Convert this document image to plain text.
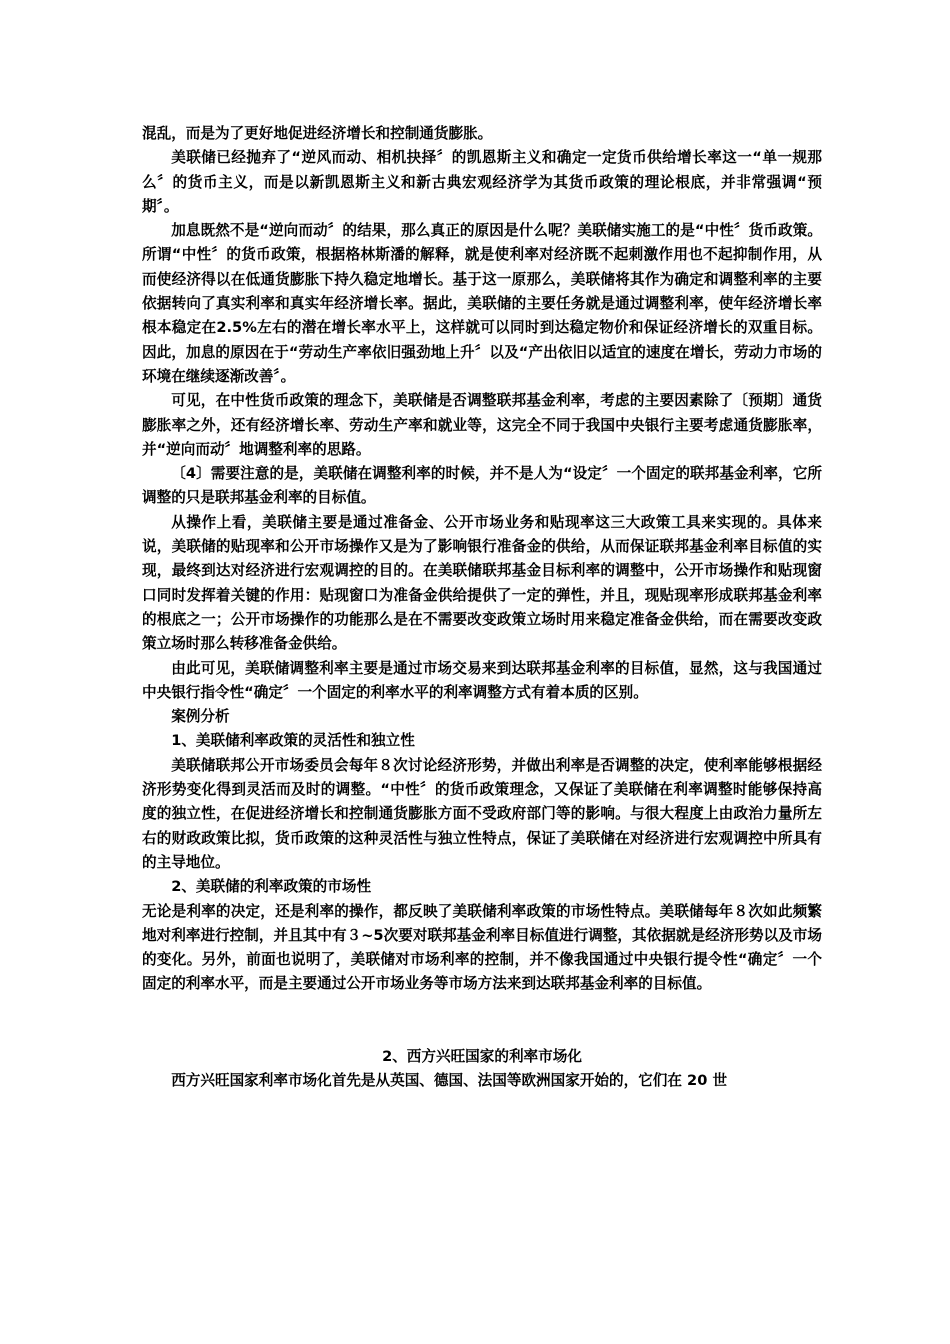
混乱，而是为了更好地促进经济增长和控制通货膨胀。

美联储已经抛弃了“逆风而动、相机抉择〞的凯恩斯主义和确定一定货币供给增长率这一“单一规那么〞的货币主义，而是以新凯恩斯主义和新古典宏观经济学为其货币政策的理论根底，并非常强调“预期〞。

加息既然不是“逆向而动〞的结果，那么真正的原因是什么呢？美联储实施工的是“中性〞货币政策。所谓“中性〞的货币政策，根据格林斯潘的解释，就是使利率对经济既不起刺激作用也不起抑制作用，从而使经济得以在低通货膨胀下持久稳定地增长。基于这一原那么，美联储将其作为确定和调整利率的主要依据转向了真实利率和真实年经济增长率。据此，美联储的主要任务就是通过调整利率，使年经济增长率根本稳定在2.5%左右的潜在增长率水平上，这样就可以同时到达稳定物价和保证经济增长的双重目标。因此，加息的原因在于“劳动生产率依旧强劲地上升〞以及“产出依旧以适宜的速度在增长，劳动力市场的环境在继续逐渐改善〞。

可见，在中性货币政策的理念下，美联储是否调整联邦基金利率，考虑的主要因素除了〔预期〕通货膨胀率之外，还有经济增长率、劳动生产率和就业等，这完全不同于我国中央银行主要考虑通货膨胀率，并“逆向而动〞地调整利率的思路。

〔4〕需要注意的是，美联储在调整利率的时候，并不是人为“设定〞一个固定的联邦基金利率，它所调整的只是联邦基金利率的目标值。

从操作上看，美联储主要是通过准备金、公开市场业务和贴现率这三大政策工具来实现的。具体来说，美联储的贴现率和公开市场操作又是为了影响银行准备金的供给，从而保证联邦基金利率目标值的实现，最终到达对经济进行宏观调控的目的。在美联储联邦基金目标利率的调整中，公开市场操作和贴现窗口同时发挥着关键的作用：贴现窗口为准备金供给提供了一定的弹性，并且，现贴现率形成联邦基金利率的根底之一；公开市场操作的功能那么是在不需要改变政策立场时用来稳定准备金供给，而在需要改变政策立场时那么转移准备金供给。

由此可见，美联储调整利率主要是通过市场交易来到达联邦基金利率的目标值，显然，这与我国通过中央银行指令性“确定〞一个固定的利率水平的利率调整方式有着本质的区别。

案例分析

1、美联储利率政策的灵活性和独立性

美联储联邦公开市场委员会每年８次讨论经济形势，并做出利率是否调整的决定，使利率能够根据经济形势变化得到灵活而及时的调整。“中性〞的货币政策理念，又保证了美联储在利率调整时能够保持高度的独立性，在促进经济增长和控制通货膨胀方面不受政府部门等的影响。与很大程度上由政治力量所左右的财政政策比拟，货币政策的这种灵活性与独立性特点，保证了美联储在对经济进行宏观调控中所具有的主导地位。

2、美联储的利率政策的市场性

无论是利率的决定，还是利率的操作，都反映了美联储利率政策的市场性特点。美联储每年８次如此频繁地对利率进行控制，并且其中有３~5次要对联邦基金利率目标值进行调整，其依据就是经济形势以及市场的变化。另外，前面也说明了，美联储对市场利率的控制，并不像我国通过中央银行提令性“确定〞一个固定的利率水平，而是主要通过公开市场业务等市场方法来到达联邦基金利率的目标值。

2、西方兴旺国家的利率市场化

西方兴旺国家利率市场化首先是从英国、德国、法国等欧洲国家开始的，它们在 20 世
